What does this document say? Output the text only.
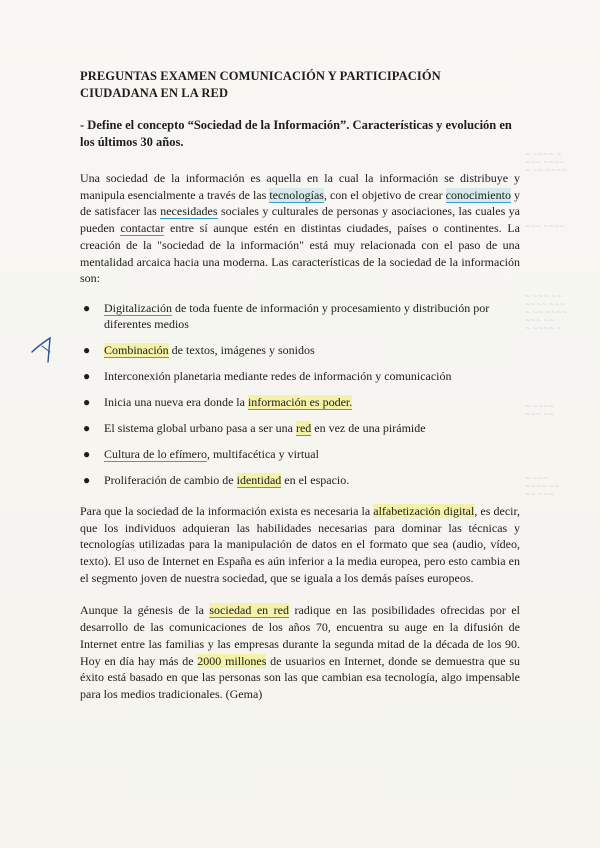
~ ~~~~ ~
~~~ ~~~~
~ ~~ ~~~~
~~~ ~~~~
~ ~~~ ~~
~~~~ ~~~
~ ~~ ~~~~
~~~ ~~
~ ~~~~ ~
~ ~~~~
~~~ ~~
~ ~~~
~~~~ ~~
~~ ~~~
PREGUNTAS EXAMEN COMUNICACIÓN Y PARTICIPACIÓN CIUDADANA EN LA RED
- Define el concepto “Sociedad de la Información”. Características y evolución en los últimos 30 años.

Una sociedad de la información es aquella en la cual la información se distribuye y manipula esencialmente a través de las tecnologías, con el objetivo de crear conocimiento y de satisfacer las necesidades sociales y culturales de personas y asociaciones, las cuales ya pueden contactar entre sí aunque estén en distintas ciudades, países o continentes. La creación de la "sociedad de la información" está muy relacionada con el paso de una mentalidad arcaica hacia una moderna. Las características de la sociedad de la información son:

● Digitalización de toda fuente de información y procesamiento y distribución por diferentes medios
● Combinación de textos, imágenes y sonidos
● Interconexión planetaria mediante redes de información y comunicación
● Inicia una nueva era donde la información es poder.
● El sistema global urbano pasa a ser una red en vez de una pirámide
● Cultura de lo efímero, multifacética y virtual
● Proliferación de cambio de identidad en el espacio.

Para que la sociedad de la información exista es necesaria la alfabetización digital, es decir, que los individuos adquieran las habilidades necesarias para dominar las técnicas y tecnologías utilizadas para la manipulación de datos en el formato que sea (audio, vídeo, texto). El uso de Internet en España es aún inferior a la media europea, pero esto cambia en el segmento joven de nuestra sociedad, que se iguala a los demás países europeos.

Aunque la génesis de la sociedad en red radique en las posibilidades ofrecidas por el desarrollo de las comunicaciones de los años 70, encuentra su auge en la difusión de Internet entre las familias y las empresas durante la segunda mitad de la década de los 90. Hoy en día hay más de 2000 millones de usuarios en Internet, donde se demuestra que su éxito está basado en que las personas son las que cambian esa tecnología, algo impensable para los medios tradicionales. (Gema)
